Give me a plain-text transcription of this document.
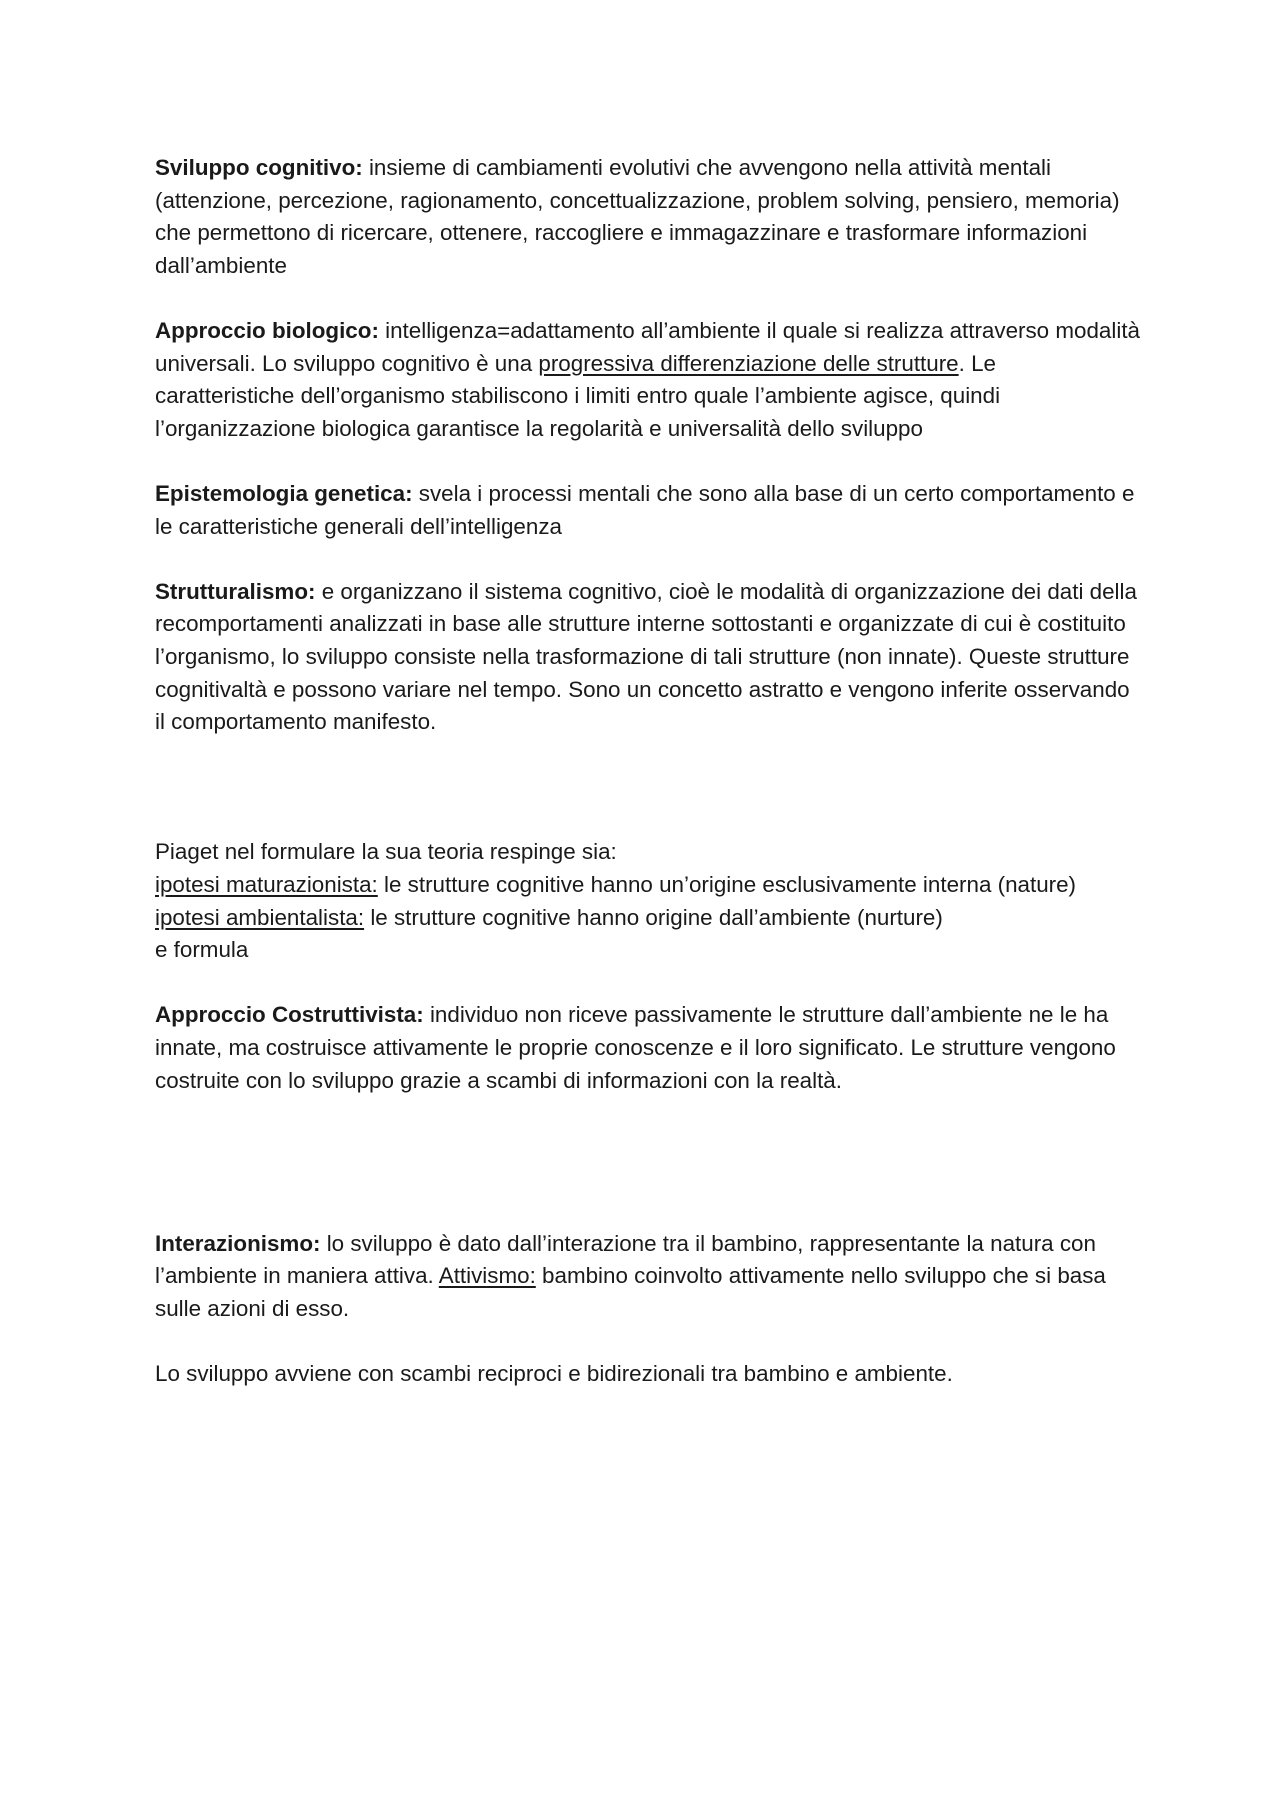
Sviluppo cognitivo: insieme di cambiamenti evolutivi che avvengono nella attività mentali (attenzione, percezione, ragionamento, concettualizzazione, problem solving, pensiero, memoria) che permettono di ricercare, ottenere, raccogliere e immagazzinare e trasformare informazioni dall’ambiente

Approccio biologico: intelligenza=adattamento all’ambiente il quale si realizza attraverso modalità universali. Lo sviluppo cognitivo è una progressiva differenziazione delle strutture. Le caratteristiche dell’organismo stabiliscono i limiti entro quale l’ambiente agisce, quindi l’organizzazione biologica garantisce la regolarità e universalità dello sviluppo

Epistemologia genetica: svela i processi mentali che sono alla base di un certo comportamento e le caratteristiche generali dell’intelligenza

Strutturalismo: e organizzano il sistema cognitivo, cioè le modalità di organizzazione dei dati della recomportamenti analizzati in base alle strutture interne sottostanti e organizzate di cui è costituito l’organismo, lo sviluppo consiste nella trasformazione di tali strutture (non innate). Queste strutture cognitivaltà e possono variare nel tempo. Sono un concetto astratto e vengono inferite osservando il comportamento manifesto.

Piaget nel formulare la sua teoria respinge sia:

ipotesi maturazionista: le strutture cognitive hanno un’origine esclusivamente interna (nature)

ipotesi ambientalista: le strutture cognitive hanno origine dall’ambiente (nurture)

e formula

Approccio Costruttivista: individuo non riceve passivamente le strutture dall’ambiente ne le ha innate, ma costruisce attivamente le proprie conoscenze e il loro significato. Le strutture vengono costruite con lo sviluppo grazie a scambi di informazioni con la realtà.

Interazionismo: lo sviluppo è dato dall’interazione tra il bambino, rappresentante la natura con l’ambiente in maniera attiva. Attivismo: bambino coinvolto attivamente nello sviluppo che si basa sulle azioni di esso.

Lo sviluppo avviene con scambi reciproci e bidirezionali tra bambino e ambiente.
